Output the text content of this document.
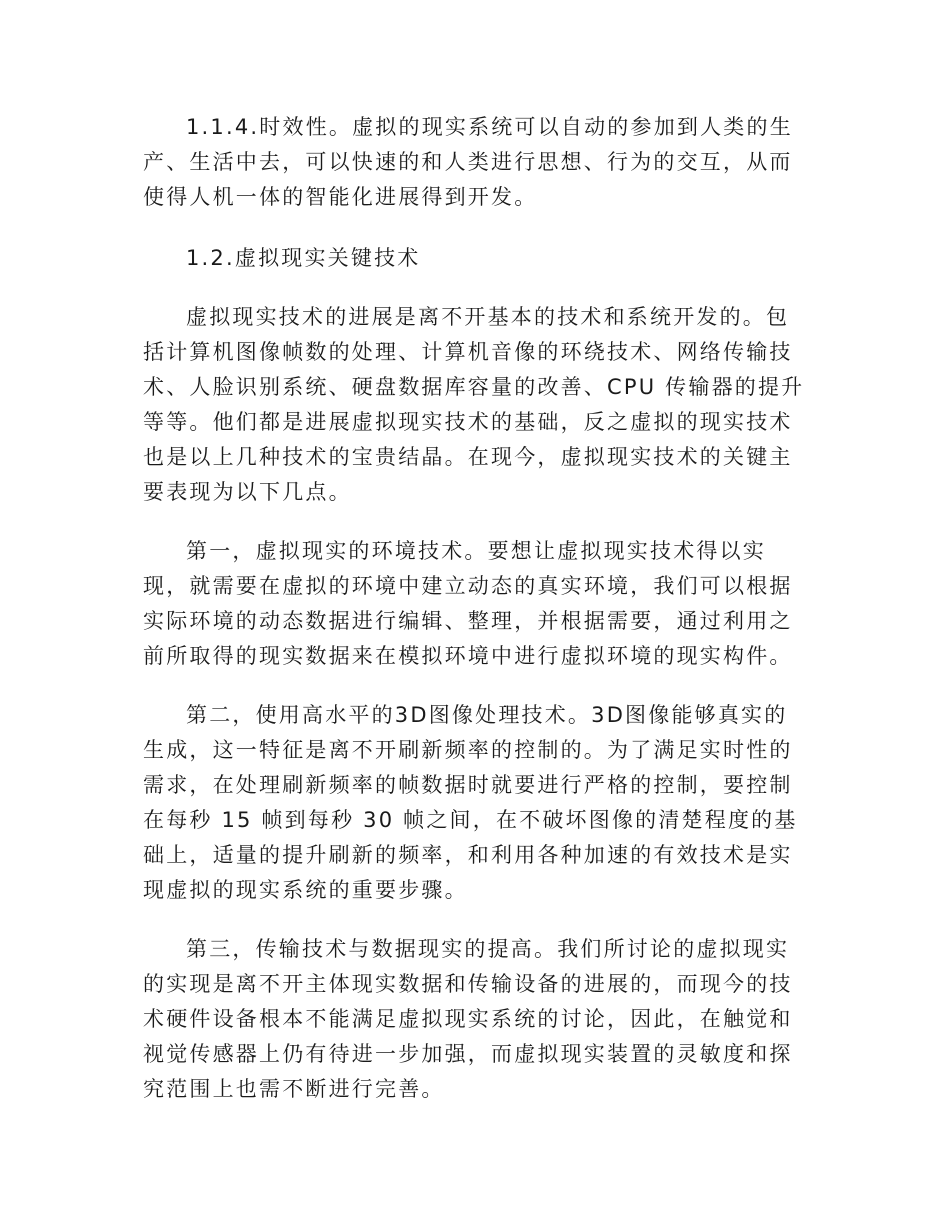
1.1.4.时效性。虚拟的现实系统可以自动的参加到人类的生产、生活中去，可以快速的和人类进行思想、行为的交互，从而使得人机一体的智能化进展得到开发。

1.2.虚拟现实关键技术

虚拟现实技术的进展是离不开基本的技术和系统开发的。包括计算机图像帧数的处理、计算机音像的环绕技术、网络传输技术、人脸识别系统、硬盘数据库容量的改善、CPU 传输器的提升等等。他们都是进展虚拟现实技术的基础，反之虚拟的现实技术也是以上几种技术的宝贵结晶。在现今，虚拟现实技术的关键主要表现为以下几点。

第一，虚拟现实的环境技术。要想让虚拟现实技术得以实现，就需要在虚拟的环境中建立动态的真实环境，我们可以根据实际环境的动态数据进行编辑、整理，并根据需要，通过利用之前所取得的现实数据来在模拟环境中进行虚拟环境的现实构件。

第二，使用高水平的3D图像处理技术。3D图像能够真实的生成，这一特征是离不开刷新频率的控制的。为了满足实时性的需求，在处理刷新频率的帧数据时就要进行严格的控制，要控制在每秒 15 帧到每秒 30 帧之间，在不破坏图像的清楚程度的基础上，适量的提升刷新的频率，和利用各种加速的有效技术是实现虚拟的现实系统的重要步骤。

第三，传输技术与数据现实的提高。我们所讨论的虚拟现实的实现是离不开主体现实数据和传输设备的进展的，而现今的技术硬件设备根本不能满足虚拟现实系统的讨论，因此，在触觉和视觉传感器上仍有待进一步加强，而虚拟现实装置的灵敏度和探究范围上也需不断进行完善。
